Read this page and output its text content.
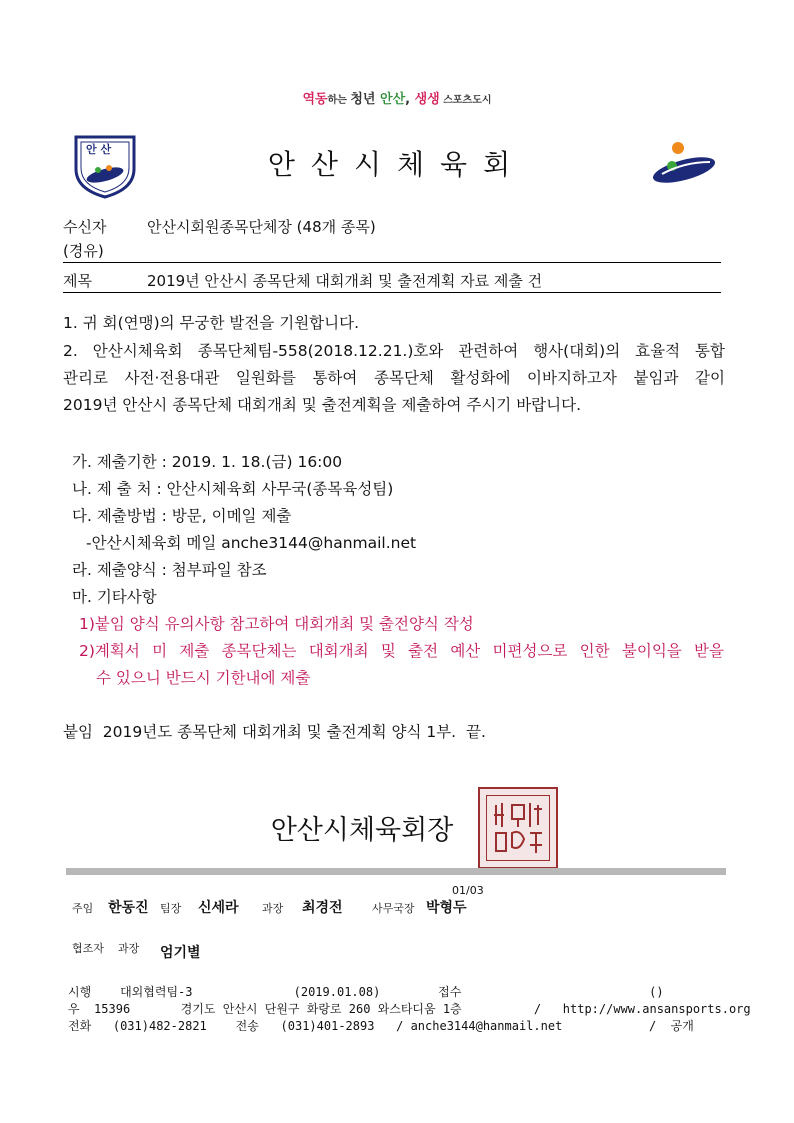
역동하는 청년 안산, 생생 스포츠도시
안 산	안산시체육회
수신자	안산시회원종목단체장 (48개 종목)
(경유)
제목	2019년 안산시 종목단체 대회개최 및 출전계획 자료 제출 건
1. 귀 회(연맹)의 무궁한 발전을 기원합니다.
2. 안산시체육회 종목단체팀-558(2018.12.21.)호와 관련하여 행사(대회)의 효율적 통합
관리로 사전·전용대관 일원화를 통하여 종목단체 활성화에 이바지하고자 붙임과 같이
2019년 안산시 종목단체 대회개최 및 출전계획을 제출하여 주시기 바랍니다.
가. 제출기한 : 2019. 1. 18.(금) 16:00
나. 제 출 처 : 안산시체육회 사무국(종목육성팀)
다. 제출방법 : 방문, 이메일 제출
-안산시체육회 메일 anche3144@hanmail.net
라. 제출양식 : 첨부파일 참조
마. 기타사항
1)붙임 양식 유의사항 참고하여 대회개최 및 출전양식 작성
2)계획서 미 제출 종목단체는 대회개최 및 출전 예산 미편성으로 인한 불이익을 받을
수 있으니 반드시 기한내에 제출
붙임  2019년도 종목단체 대회개최 및 출전계획 양식 1부.  끝.
안산시체육회장
01/03
주임 한동진 팀장 신세라 과장 최경전	사무국장 박형두
협조자 과장 엄기별
시행    대외협력팀-3              (2019.01.08)        접수                          ()
우  15396       경기도 안산시 단원구 화랑로 260 와스타디움 1층          /   http://www.ansansports.org
전화   (031)482-2821    전송   (031)401-2893   / anche3144@hanmail.net            /  공개
